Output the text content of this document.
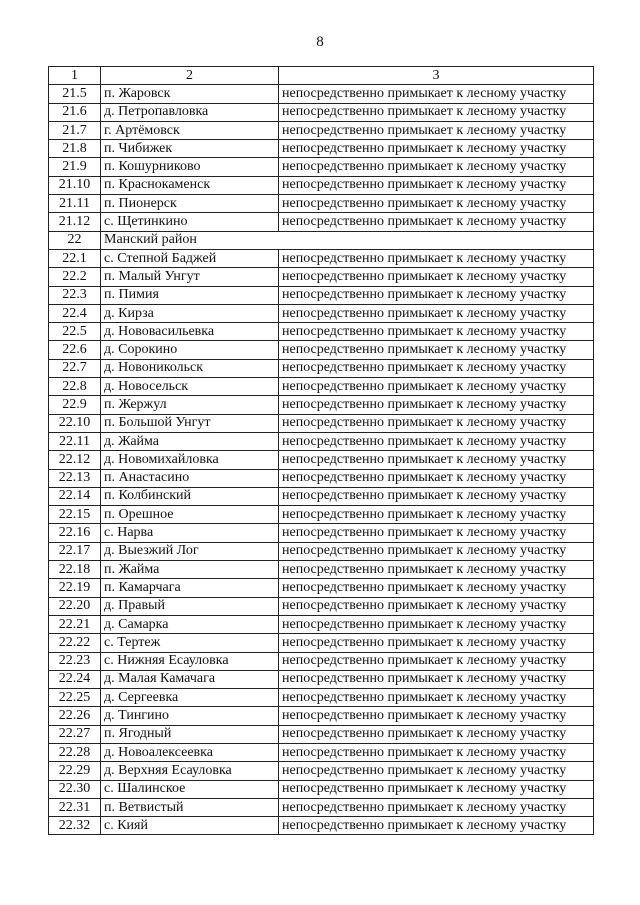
8
1	2	3
21.5	п. Жаровск	непосредственно примыкает к лесному участку
21.6	д. Петропавловка	непосредственно примыкает к лесному участку
21.7	г. Артёмовск	непосредственно примыкает к лесному участку
21.8	п. Чибижек	непосредственно примыкает к лесному участку
21.9	п. Кошурниково	непосредственно примыкает к лесному участку
21.10	п. Краснокаменск	непосредственно примыкает к лесному участку
21.11	п. Пионерск	непосредственно примыкает к лесному участку
21.12	с. Щетинкино	непосредственно примыкает к лесному участку
22	Манский район	
22.1	с. Степной Баджей	непосредственно примыкает к лесному участку
22.2	п. Малый Унгут	непосредственно примыкает к лесному участку
22.3	п. Пимия	непосредственно примыкает к лесному участку
22.4	д. Кирза	непосредственно примыкает к лесному участку
22.5	д. Нововасильевка	непосредственно примыкает к лесному участку
22.6	д. Сорокино	непосредственно примыкает к лесному участку
22.7	д. Новоникольск	непосредственно примыкает к лесному участку
22.8	д. Новосельск	непосредственно примыкает к лесному участку
22.9	п. Жержул	непосредственно примыкает к лесному участку
22.10	п. Большой Унгут	непосредственно примыкает к лесному участку
22.11	д. Жайма	непосредственно примыкает к лесному участку
22.12	д. Новомихайловка	непосредственно примыкает к лесному участку
22.13	п. Анастасино	непосредственно примыкает к лесному участку
22.14	п. Колбинский	непосредственно примыкает к лесному участку
22.15	п. Орешное	непосредственно примыкает к лесному участку
22.16	с. Нарва	непосредственно примыкает к лесному участку
22.17	д. Выезжий Лог	непосредственно примыкает к лесному участку
22.18	п. Жайма	непосредственно примыкает к лесному участку
22.19	п. Камарчага	непосредственно примыкает к лесному участку
22.20	д. Правый	непосредственно примыкает к лесному участку
22.21	д. Самарка	непосредственно примыкает к лесному участку
22.22	с. Тертеж	непосредственно примыкает к лесному участку
22.23	с. Нижняя Есауловка	непосредственно примыкает к лесному участку
22.24	д. Малая Камачага	непосредственно примыкает к лесному участку
22.25	д. Сергеевка	непосредственно примыкает к лесному участку
22.26	д. Тингино	непосредственно примыкает к лесному участку
22.27	п. Ягодный	непосредственно примыкает к лесному участку
22.28	д. Новоалексеевка	непосредственно примыкает к лесному участку
22.29	д. Верхняя Есауловка	непосредственно примыкает к лесному участку
22.30	с. Шалинское	непосредственно примыкает к лесному участку
22.31	п. Ветвистый	непосредственно примыкает к лесному участку
22.32	с. Кияй	непосредственно примыкает к лесному участку
